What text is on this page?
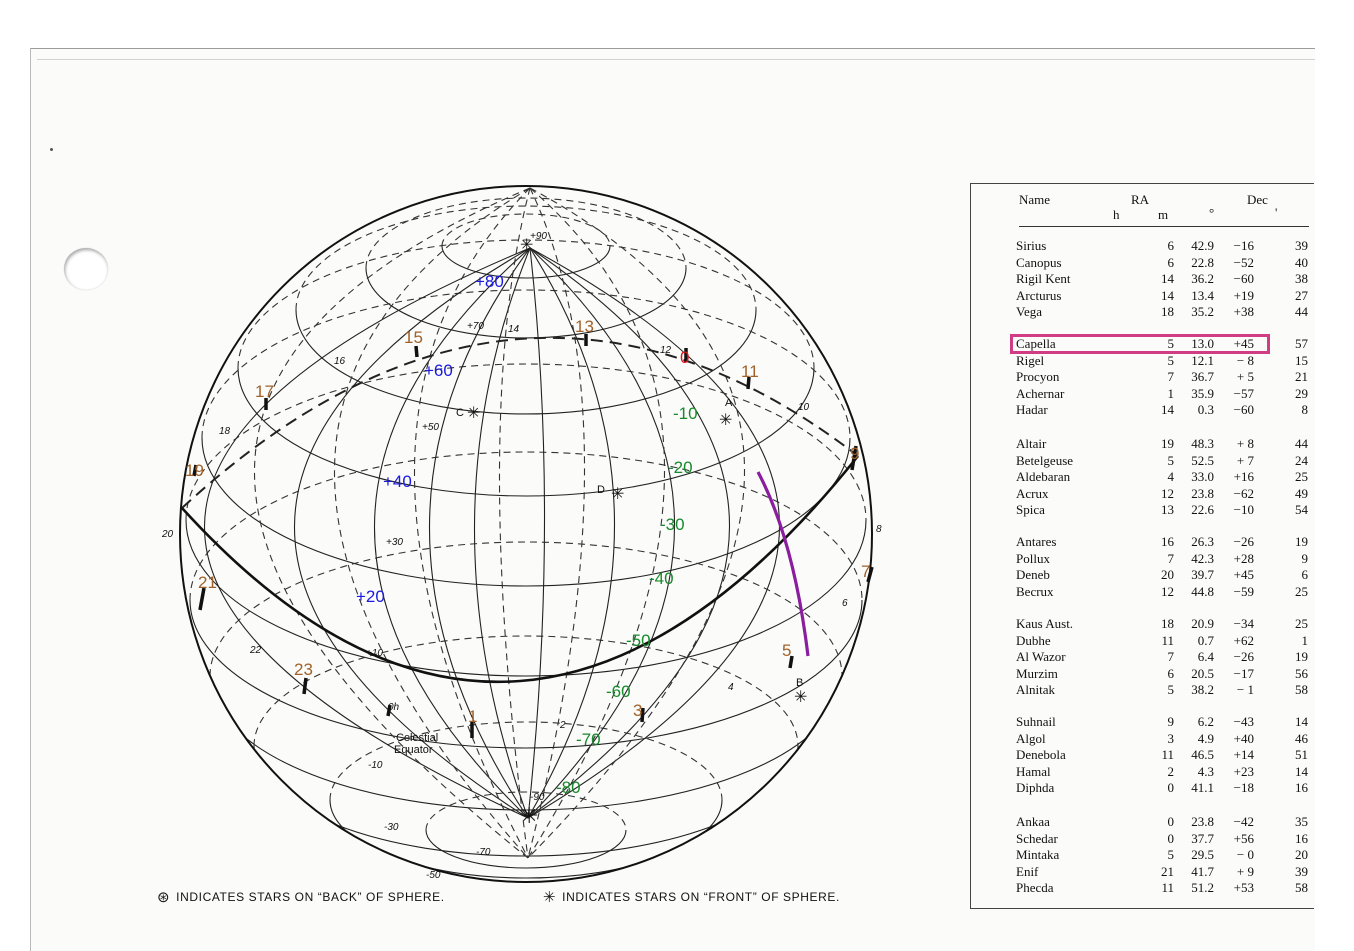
+90
+70 14
16
12
10
18	+50
20
+30
8
6
22	+10
0h
2
4
-10
-30
-50
-70
-90
Celestial
Equator
A
✳
B
✳
C ✳
D ✳
✳
✳
15
13
0
11
17
9
19
7
21
5
23
1	3
+80
+60
+40
+20
-10
-20
-30
-40
-50
-60
-70
-80
⊛ INDICATES STARS ON “BACK” OF SPHERE.	✳ INDICATES STARS ON “FRONT” OF SPHERE.
Name	RA	Dec
h	m	°	'
Sirius	6 42.9 −16	39
Canopus	6 22.8 −52	40
Rigil Kent	14 36.2 −60	38
Arcturus	14 13.4 +19	27
Vega	18 35.2 +38	44
Capella	5 13.0 +45	57
Rigel	5 12.1 − 8	15
Procyon	7 36.7 + 5	21
Achernar	1 35.9 −57	29
Hadar	14 0.3 −60	8
Altair	19 48.3 + 8	44
Betelgeuse	5 52.5 + 7	24
Aldebaran	4 33.0 +16	25
Acrux	12 23.8 −62	49
Spica	13 22.6 −10	54
Antares	16 26.3 −26	19
Pollux	7 42.3 +28	9
Deneb	20 39.7 +45	6
Becrux	12 44.8 −59	25
Kaus Aust.	18 20.9 −34	25
Dubhe	11 0.7 +62	1
Al Wazor	7 6.4 −26	19
Murzim	6 20.5 −17	56
Alnitak	5 38.2 − 1	58
Suhnail	9 6.2 −43	14
Algol	3 4.9 +40	46
Denebola	11 46.5 +14	51
Hamal	2 4.3 +23	14
Diphda	0 41.1 −18	16
Ankaa	0 23.8 −42	35
Schedar	0 37.7 +56	16
Mintaka	5 29.5 − 0	20
Enif	21 41.7 + 9	39
Phecda	11 51.2 +53	58
